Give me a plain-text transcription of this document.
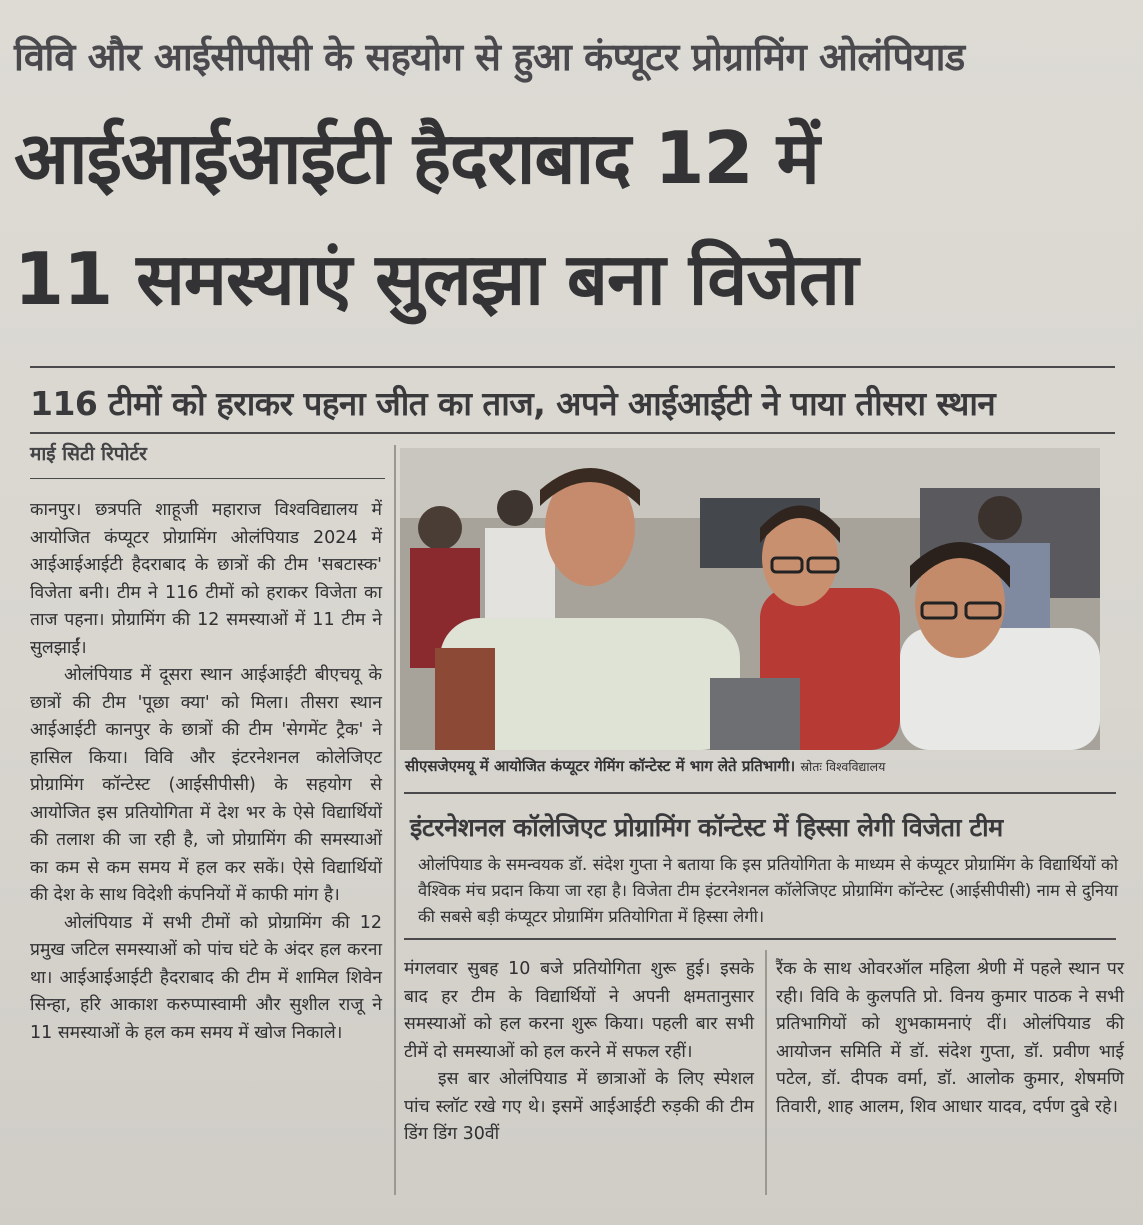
विवि और आईसीपीसी के सहयोग से हुआ कंप्यूटर प्रोग्रामिंग ओलंपियाड
आईआईआईटी हैदराबाद 12 में
11 समस्याएं सुलझा बना विजेता
116 टीमों को हराकर पहना जीत का ताज, अपने आईआईटी ने पाया तीसरा स्थान
माई सिटी रिपोर्टर

कानपुर। छत्रपति शाहूजी महाराज विश्वविद्यालय में आयोजित कंप्यूटर प्रोग्रामिंग ओलंपियाड 2024 में आईआईआईटी हैदराबाद के छात्रों की टीम 'सबटास्क' विजेता बनी। टीम ने 116 टीमों को हराकर विजेता का ताज पहना। प्रोग्रामिंग की 12 समस्याओं में 11 टीम ने सुलझाईं।

ओलंपियाड में दूसरा स्थान आईआईटी बीएचयू के छात्रों की टीम 'पूछा क्या' को मिला। तीसरा स्थान आईआईटी कानपुर के छात्रों की टीम 'सेगमेंट ट्रैक' ने हासिल किया। विवि और इंटरनेशनल कोलेजिएट प्रोग्रामिंग कॉन्टेस्ट (आईसीपीसी) के सहयोग से आयोजित इस प्रतियोगिता में देश भर के ऐसे विद्यार्थियों की तलाश की जा रही है, जो प्रोग्रामिंग की समस्याओं का कम से कम समय में हल कर सकें। ऐसे विद्यार्थियों की देश के साथ विदेशी कंपनियों में काफी मांग है।

ओलंपियाड में सभी टीमों को प्रोग्रामिंग की 12 प्रमुख जटिल समस्याओं को पांच घंटे के अंदर हल करना था। आईआईआईटी हैदराबाद की टीम में शामिल शिवेन सिन्हा, हरि आकाश करुप्पास्वामी और सुशील राजू ने 11 समस्याओं के हल कम समय में खोज निकाले।

सीएसजेएमयू में आयोजित कंप्यूटर गेमिंग कॉन्टेस्ट में भाग लेते प्रतिभागी। स्रोतः विश्वविद्यालय
इंटरनेशनल कॉलेजिएट प्रोग्रामिंग कॉन्टेस्ट में हिस्सा लेगी विजेता टीम
ओलंपियाड के समन्वयक डॉ. संदेश गुप्ता ने बताया कि इस प्रतियोगिता के माध्यम से कंप्यूटर प्रोग्रामिंग के विद्यार्थियों को वैश्विक मंच प्रदान किया जा रहा है। विजेता टीम इंटरनेशनल कॉलेजिएट प्रोग्रामिंग कॉन्टेस्ट (आईसीपीसी) नाम से दुनिया की सबसे बड़ी कंप्यूटर प्रोग्रामिंग प्रतियोगिता में हिस्सा लेगी।

मंगलवार सुबह 10 बजे प्रतियोगिता शुरू हुई। इसके बाद हर टीम के विद्यार्थियों ने अपनी क्षमतानुसार समस्याओं को हल करना शुरू किया। पहली बार सभी टीमें दो समस्याओं को हल करने में सफल रहीं।

इस बार ओलंपियाड में छात्राओं के लिए स्पेशल पांच स्लॉट रखे गए थे। इसमें आईआईटी रुड़की की टीम डिंग डिंग 30वीं

रैंक के साथ ओवरऑल महिला श्रेणी में पहले स्थान पर रही। विवि के कुलपति प्रो. विनय कुमार पाठक ने सभी प्रतिभागियों को शुभकामनाएं दीं। ओलंपियाड की आयोजन समिति में डॉ. संदेश गुप्ता, डॉ. प्रवीण भाई पटेल, डॉ. दीपक वर्मा, डॉ. आलोक कुमार, शेषमणि तिवारी, शाह आलम, शिव आधार यादव, दर्पण दुबे रहे।
